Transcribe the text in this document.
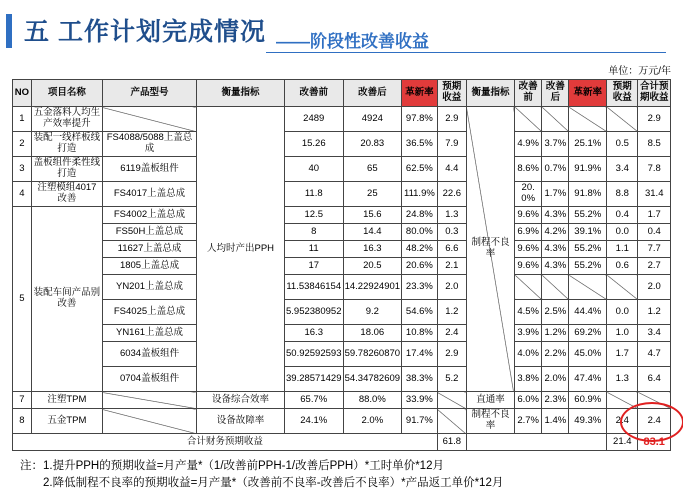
五 工作计划完成情况 ——阶段性改善收益
单位：万元/年
NO	项目名称	产品型号	衡量指标	改善前	改善后	革新率	预期收益	衡量指标	改善前	改善后	革新率	预期收益	合计预期收益
1	五金落料人均生产效率提升		人均时产出PPH	2489	4924	97.8%	2.9	制程不良率					2.9
2	装配一线样板线打造	FS4088/5088上盖总成		15.26	20.83	36.5%	7.9		4.9%	3.7%	25.1%	0.5	8.5
3	盖板组件柔性线打造	6119盖板组件		40	65	62.5%	4.4		8.6%	0.7%	91.9%	3.4	7.8
4	注塑模组4017改善	FS4017上盖总成		11.8	25	111.9%	22.6		20.0%	1.7%	91.8%	8.8	31.4
5	装配车间产品别改善	FS4002上盖总成		12.5	15.6	24.8%	1.3		9.6%	4.3%	55.2%	0.4	1.7
		FS50H上盖总成		8	14.4	80.0%	0.3		6.9%	4.2%	39.1%	0.0	0.4
		11627上盖总成		11	16.3	48.2%	6.6		9.6%	4.3%	55.2%	1.1	7.7
		1805上盖总成		17	20.5	20.6%	2.1		9.6%	4.3%	55.2%	0.6	2.7
		YN201上盖总成		11.53846154	14.22924901	23.3%	2.0						2.0
		FS4025上盖总成		5.952380952	9.2	54.6%	1.2		4.5%	2.5%	44.4%	0.0	1.2
		YN161上盖总成		16.3	18.06	10.8%	2.4		3.9%	1.2%	69.2%	1.0	3.4
		6034盖板组件		50.92592593	59.78260870	17.4%	2.9		4.0%	2.2%	45.0%	1.7	4.7
		0704盖板组件		39.28571429	54.34782609	38.3%	5.2		3.8%	2.0%	47.4%	1.3	6.4
7	注塑TPM		设备综合效率	65.7%	88.0%	33.9%		直通率	6.0%	2.3%	60.9%		
8	五金TPM		设备故障率	24.1%	2.0%	91.7%		制程不良率	2.7%	1.4%	49.3%	2.4	2.4
合计财务预期收益							61.8					21.4	83.1
注：1.提升PPH的预期收益=月产量*（1/改善前PPH-1/改善后PPH）*工时单价*12月
2.降低制程不良率的预期收益=月产量*（改善前不良率-改善后不良率）*产品返工单价*12月
